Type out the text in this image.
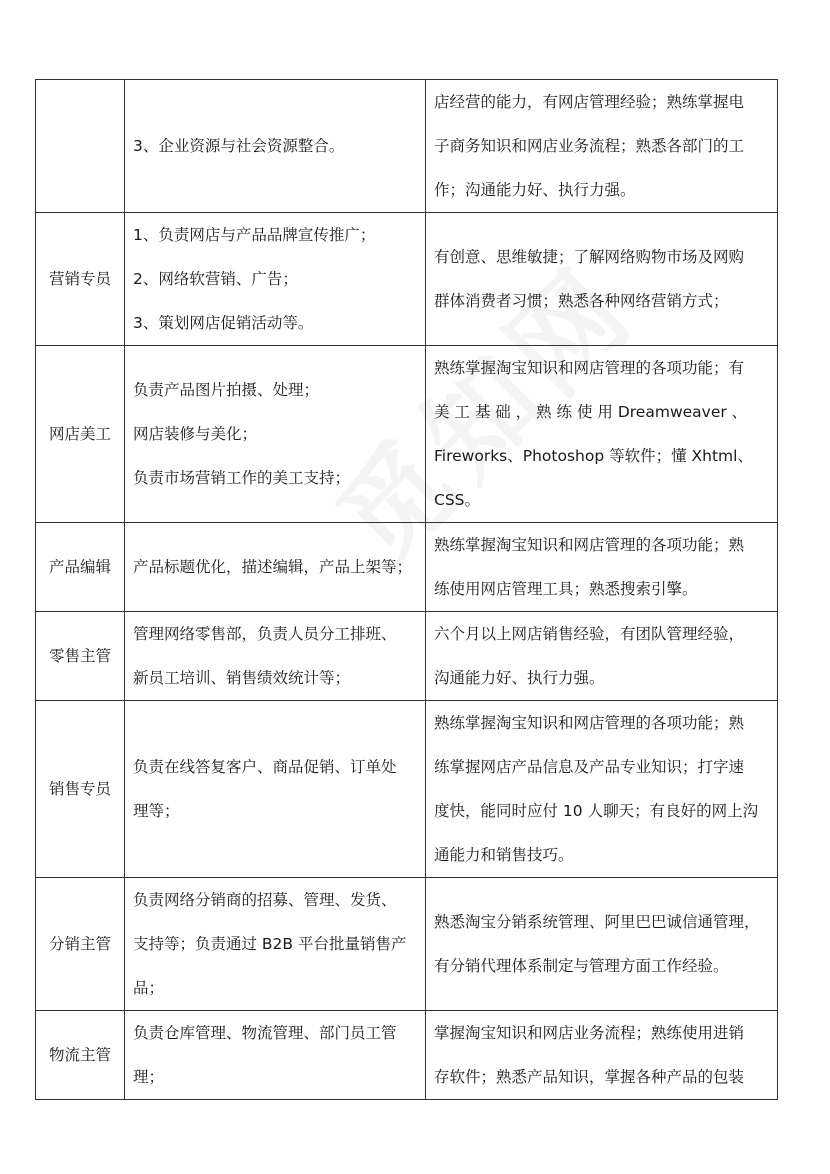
	3、企业资源与社会资源整合。	店经营的能力，有网店管理经验；熟练掌握电
子商务知识和网店业务流程；熟悉各部门的工
作；沟通能力好、执行力强。

营销专员	1、负责网店与产品品牌宣传推广；
2、网络软营销、广告；
3、策划网店促销活动等。	有创意、思维敏捷；了解网络购物市场及网购
群体消费者习惯；熟悉各种网络营销方式；

网店美工	负责产品图片拍摄、处理；
网店装修与美化；
负责市场营销工作的美工支持；	熟练掌握淘宝知识和网店管理的各项功能；有
美 工 基 础 ， 熟 练 使 用 Dreamweaver 、
Fireworks、Photoshop 等软件；懂 Xhtml、
CSS。

产品编辑	产品标题优化，描述编辑，产品上架等；	熟练掌握淘宝知识和网店管理的各项功能；熟
练使用网店管理工具；熟悉搜索引擎。

零售主管	管理网络零售部，负责人员分工排班、
新员工培训、销售绩效统计等；	六个月以上网店销售经验，有团队管理经验，
沟通能力好、执行力强。

销售专员	负责在线答复客户、商品促销、订单处
理等；	熟练掌握淘宝知识和网店管理的各项功能；熟
练掌握网店产品信息及产品专业知识；打字速
度快，能同时应付 10 人聊天；有良好的网上沟
通能力和销售技巧。

分销主管	负责网络分销商的招募、管理、发货、
支持等；负责通过 B2B 平台批量销售产
品；	熟悉淘宝分销系统管理、阿里巴巴诚信通管理，
有分销代理体系制定与管理方面工作经验。

物流主管	负责仓库管理、物流管理、部门员工管
理；	掌握淘宝知识和网店业务流程；熟练使用进销
存软件；熟悉产品知识，掌握各种产品的包装
